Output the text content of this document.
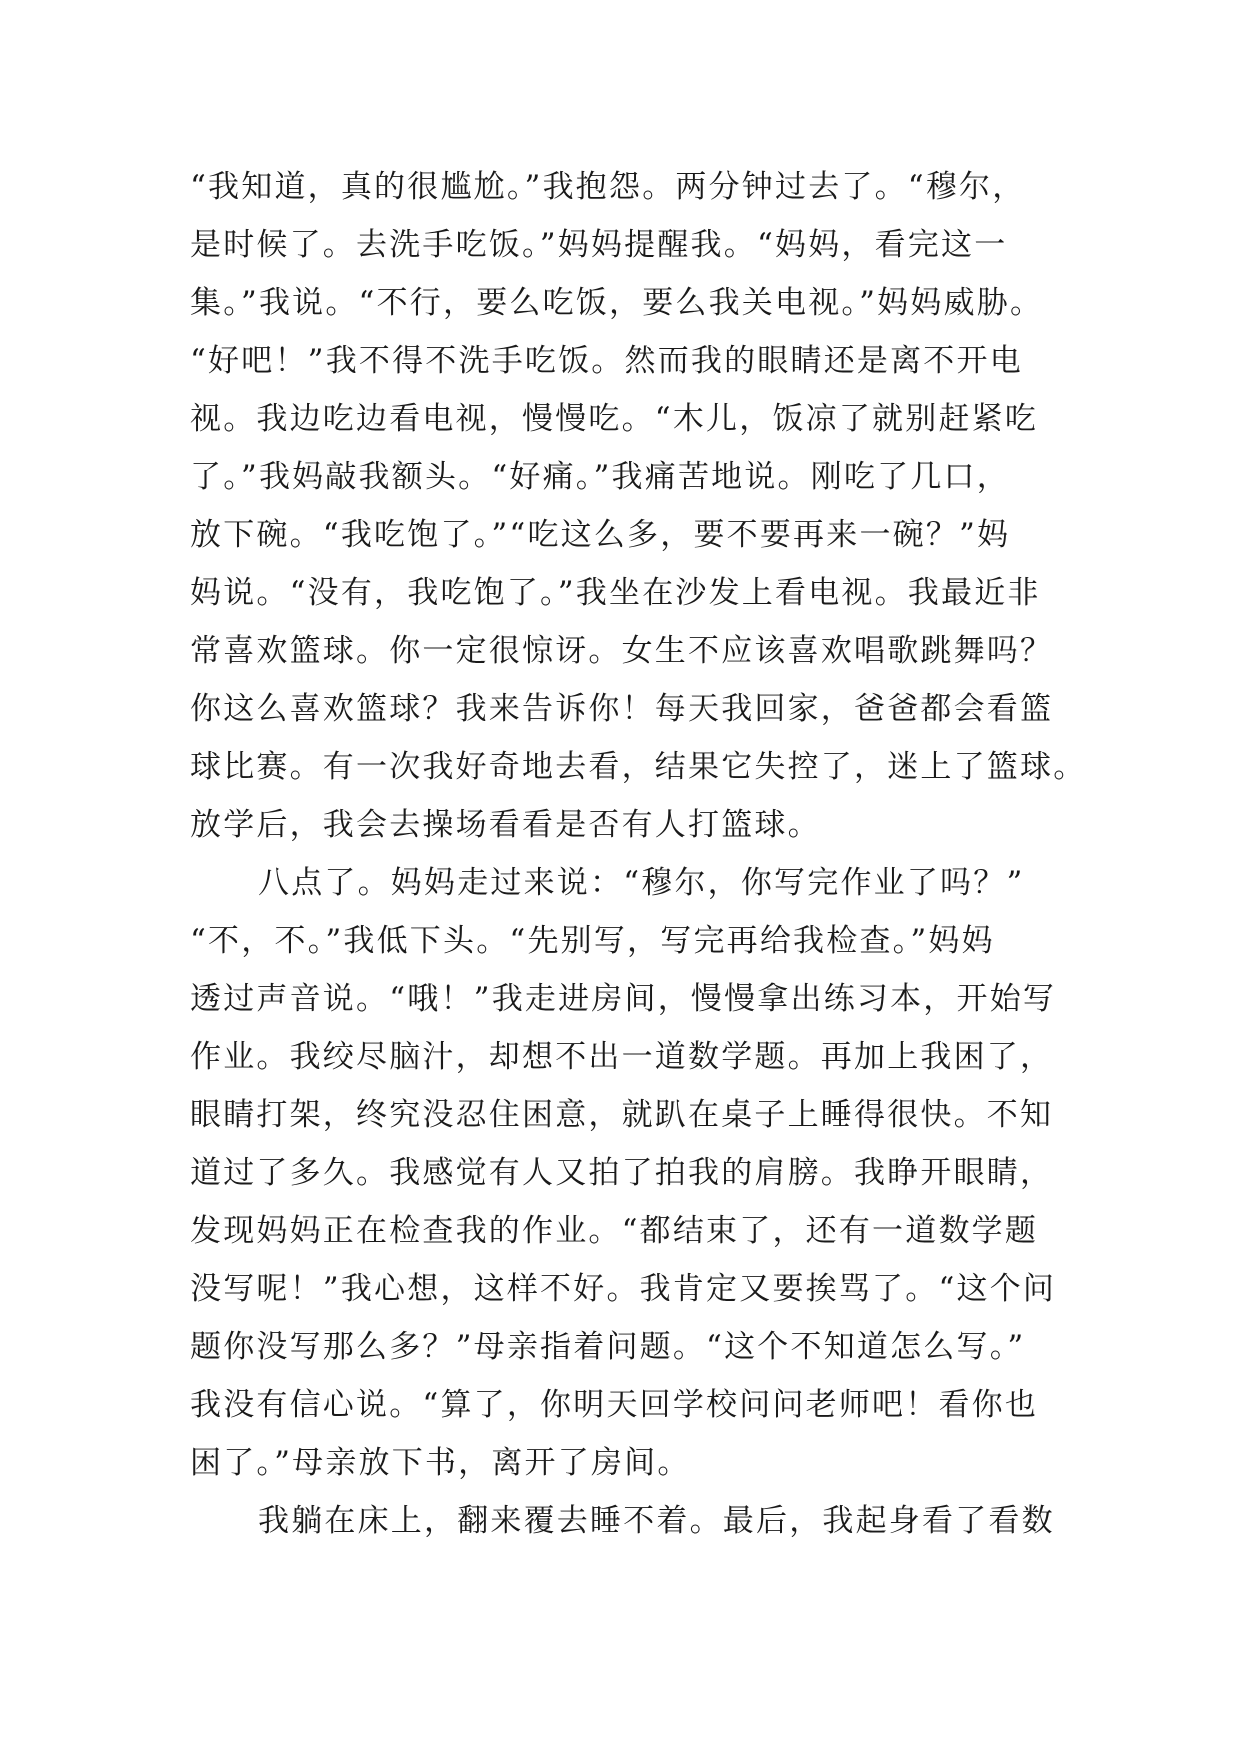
“我知道，真的很尴尬。”我抱怨。两分钟过去了。“穆尔，
是时候了。去洗手吃饭。”妈妈提醒我。“妈妈，看完这一
集。”我说。“不行，要么吃饭，要么我关电视。”妈妈威胁。
“好吧！”我不得不洗手吃饭。然而我的眼睛还是离不开电
视。我边吃边看电视，慢慢吃。“木儿，饭凉了就别赶紧吃
了。”我妈敲我额头。“好痛。”我痛苦地说。刚吃了几口，
放下碗。“我吃饱了。”“吃这么多，要不要再来一碗？”妈
妈说。“没有，我吃饱了。”我坐在沙发上看电视。我最近非
常喜欢篮球。你一定很惊讶。女生不应该喜欢唱歌跳舞吗？
你这么喜欢篮球？我来告诉你！每天我回家，爸爸都会看篮
球比赛。有一次我好奇地去看，结果它失控了，迷上了篮球。
放学后，我会去操场看看是否有人打篮球。
八点了。妈妈走过来说：“穆尔，你写完作业了吗？”
“不，不。”我低下头。“先别写，写完再给我检查。”妈妈
透过声音说。“哦！”我走进房间，慢慢拿出练习本，开始写
作业。我绞尽脑汁，却想不出一道数学题。再加上我困了，
眼睛打架，终究没忍住困意，就趴在桌子上睡得很快。不知
道过了多久。我感觉有人又拍了拍我的肩膀。我睁开眼睛，
发现妈妈正在检查我的作业。“都结束了，还有一道数学题
没写呢！”我心想，这样不好。我肯定又要挨骂了。“这个问
题你没写那么多？”母亲指着问题。“这个不知道怎么写。”
我没有信心说。“算了，你明天回学校问问老师吧！看你也
困了。”母亲放下书，离开了房间。
我躺在床上，翻来覆去睡不着。最后，我起身看了看数
